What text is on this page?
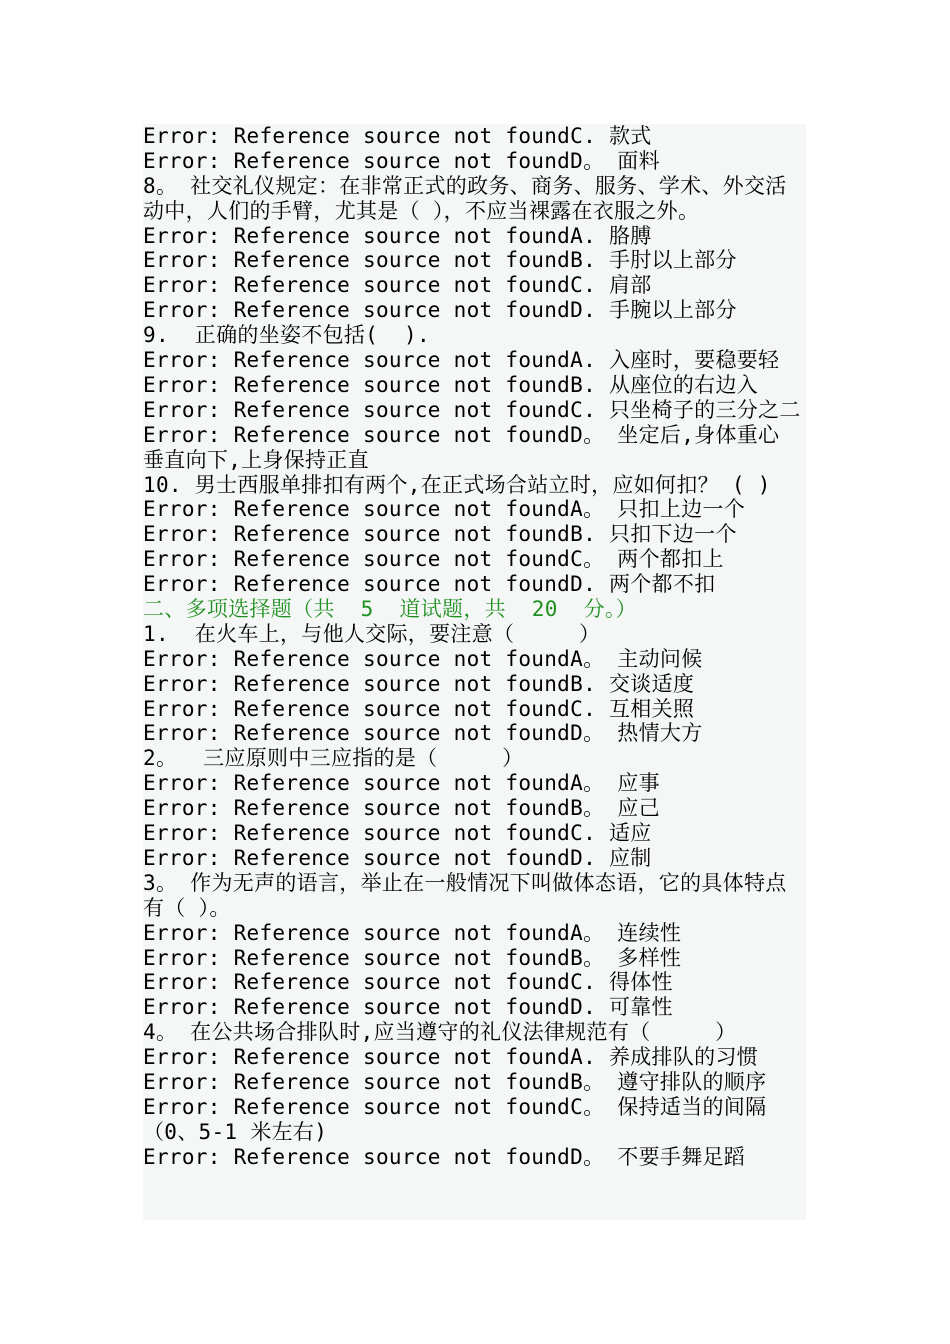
Error: Reference source not foundC. 款式
Error: Reference source not foundD。 面料
8。 社交礼仪规定：在非常正式的政务、商务、服务、学术、外交活动中，人们的手臂，尤其是（ ），不应当裸露在衣服之外。
Error: Reference source not foundA. 胳膊
Error: Reference source not foundB. 手肘以上部分
Error: Reference source not foundC. 肩部
Error: Reference source not foundD. 手腕以上部分
9.  正确的坐姿不包括(  ).
Error: Reference source not foundA. 入座时，要稳要轻
Error: Reference source not foundB. 从座位的右边入
Error: Reference source not foundC. 只坐椅子的三分之二
Error: Reference source not foundD。 坐定后,身体重心垂直向下,上身保持正直
10. 男士西服单排扣有两个,在正式场合站立时，应如何扣？ ( )
Error: Reference source not foundA。 只扣上边一个
Error: Reference source not foundB. 只扣下边一个
Error: Reference source not foundC。 两个都扣上
Error: Reference source not foundD. 两个都不扣
二、多项选择题（共  5  道试题，共  20  分。）
1.  在火车上，与他人交际，要注意（     ）
Error: Reference source not foundA。 主动问候
Error: Reference source not foundB. 交谈适度
Error: Reference source not foundC. 互相关照
Error: Reference source not foundD。 热情大方
2。  三应原则中三应指的是（     ）
Error: Reference source not foundA。 应事
Error: Reference source not foundB。 应己
Error: Reference source not foundC. 适应
Error: Reference source not foundD. 应制
3。 作为无声的语言，举止在一般情况下叫做体态语，它的具体特点有（ ）。
Error: Reference source not foundA。 连续性
Error: Reference source not foundB。 多样性
Error: Reference source not foundC. 得体性
Error: Reference source not foundD. 可靠性
4。 在公共场合排队时,应当遵守的礼仪法律规范有（     ）
Error: Reference source not foundA. 养成排队的习惯
Error: Reference source not foundB。 遵守排队的顺序
Error: Reference source not foundC。 保持适当的间隔（0、5-1 米左右)
Error: Reference source not foundD。 不要手舞足蹈
